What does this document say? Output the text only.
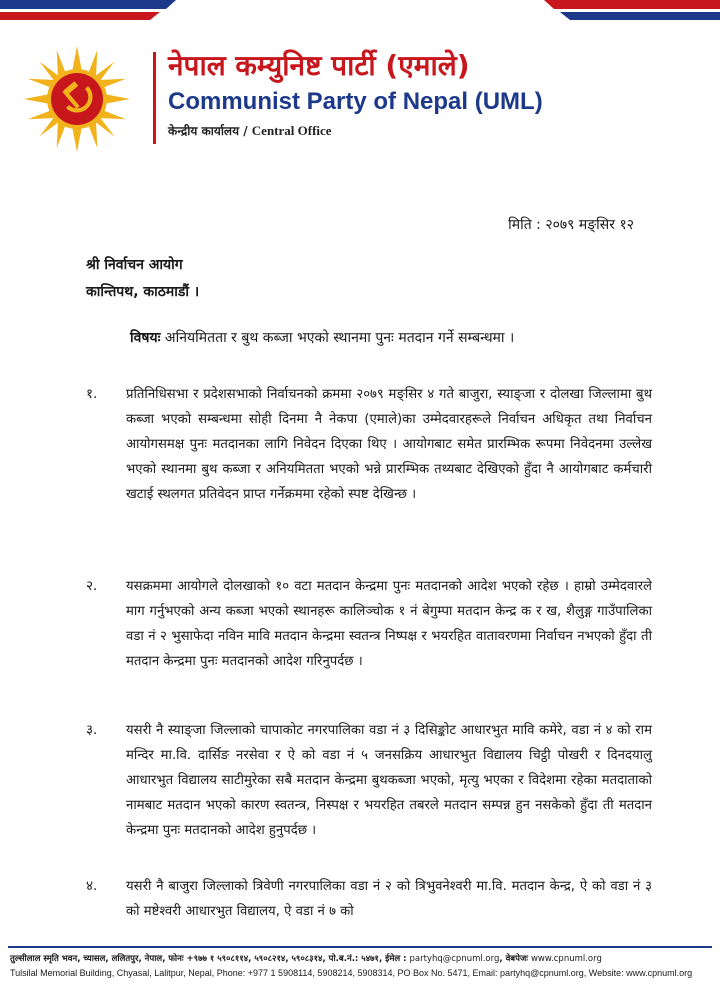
नेपाल कम्युनिष्ट पार्टी (एमाले)
Communist Party of Nepal (UML)
केन्द्रीय कार्यालय / Central Office
मिति : २०७९ मङ्सिर १२
श्री निर्वाचन आयोग
कान्तिपथ, काठमाडौं ।
विषयः अनियमितता र बुथ कब्जा भएको स्थानमा पुनः मतदान गर्ने सम्बन्धमा ।
१. प्रतिनिधिसभा र प्रदेशसभाको निर्वाचनको क्रममा २०७९ मङ्सिर ४ गते बाजुरा, स्याङ्जा र दोलखा जिल्लामा बुथ कब्जा भएको सम्बन्धमा सोही दिनमा नै नेकपा (एमाले)का उम्मेदवारहरूले निर्वाचन अधिकृत तथा निर्वाचन आयोगसमक्ष पुनः मतदानका लागि निवेदन दिएका थिए । आयोगबाट समेत प्रारम्भिक रूपमा निवेदनमा उल्लेख भएको स्थानमा बुथ कब्जा र अनियमितता भएको भन्ने प्रारम्भिक तथ्यबाट देखिएको हुँदा नै आयोगबाट कर्मचारी खटाई स्थलगत प्रतिवेदन प्राप्त गर्नेक्रममा रहेको स्पष्ट देखिन्छ ।
२. यसक्रममा आयोगले दोलखाको १० वटा मतदान केन्द्रमा पुनः मतदानको आदेश भएको रहेछ । हाम्रो उम्मेदवारले माग गर्नुभएको अन्य कब्जा भएको स्थानहरू कालिञ्चोक १ नं बेगुम्पा मतदान केन्द्र क र ख, शैलुङ्ग गाउँपालिका वडा नं २ भुसाफेदा नविन मावि मतदान केन्द्रमा स्वतन्त्र निष्पक्ष र भयरहित वातावरणमा निर्वाचन नभएको हुँदा ती मतदान केन्द्रमा पुनः मतदानको आदेश गरिनुपर्दछ ।
३. यसरी नै स्याङ्जा जिल्लाको चापाकोट नगरपालिका वडा नं ३ दिसिङ्कोट आधारभुत मावि कमेरे, वडा नं ४ को राम मन्दिर मा.वि. दार्सिङ नरसेवा र ऐ को वडा नं ५ जनसक्रिय आधारभुत विद्यालय चिट्ठी पोखरी र दिनदयालु आधारभुत विद्यालय साटीमुरेका सबै मतदान केन्द्रमा बुथकब्जा भएको, मृत्यु भएका र विदेशमा रहेका मतदाताको नामबाट मतदान भएको कारण स्वतन्त्र, निस्पक्ष र भयरहित तबरले मतदान सम्पन्न हुन नसकेको हुँदा ती मतदान केन्द्रमा पुनः मतदानको आदेश हुनुपर्दछ ।
४. यसरी नै बाजुरा जिल्लाको त्रिवेणी नगरपालिका वडा नं २ को त्रिभुवनेश्वरी मा.वि. मतदान केन्द्र, ऐ को वडा नं ३ को मष्टेश्वरी आधारभुत विद्यालय, ऐ वडा नं ७ को
तुल्सीलाल स्मृति भवन, च्यासल, ललितपुर, नेपाल, फोनः +९७७ १ ५९०८११४, ५९०८२१४, ५९०८३१४, पो.ब.नं.: ५४७१, ईमेल : partyhq@cpnuml.org, वेबपेजः www.cpnuml.org
Tulsilal Memorial Building, Chyasal, Lalitpur, Nepal, Phone: +977 1 5908114, 5908214, 5908314, PO Box No. 5471, Email: partyhq@cpnuml.org, Website: www.cpnuml.org
